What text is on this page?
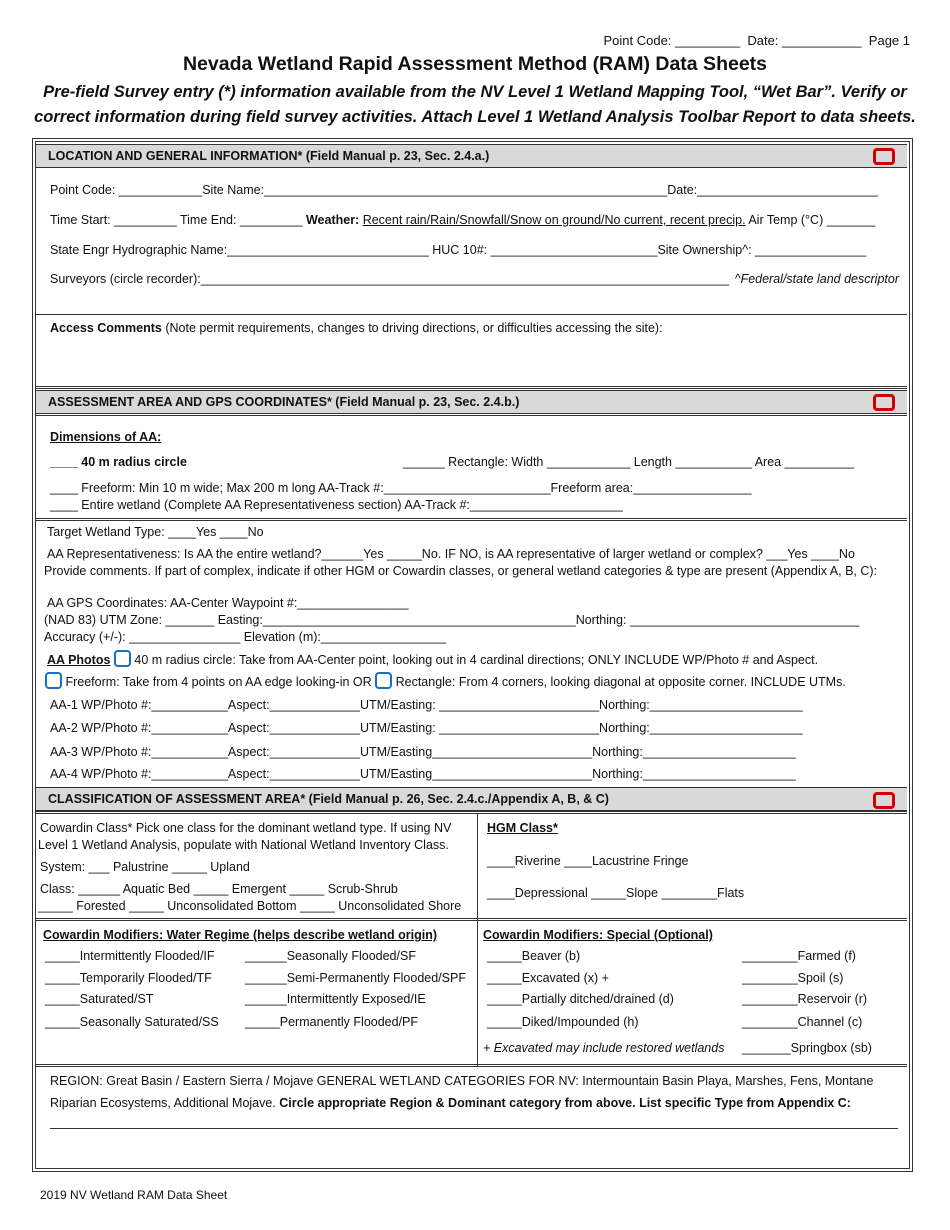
Point Code: _________ Date: ___________ Page 1
Nevada Wetland Rapid Assessment Method (RAM) Data Sheets
Pre-field Survey entry (*) information available from the NV Level 1 Wetland Mapping Tool, “Wet Bar”. Verify or correct information during field survey activities. Attach Level 1 Wetland Analysis Toolbar Report to data sheets.
LOCATION AND GENERAL INFORMATION* (Field Manual p. 23, Sec. 2.4.a.)
Point Code: ____________Site Name:__________________________________________________________Date:__________________________
Time Start: _________ Time End: _________ Weather: Recent rain/Rain/Snowfall/Snow on ground/No current, recent precip. Air Temp (°C) _______
State Engr Hydrographic Name:_____________________________ HUC 10#: ________________________Site Ownership^: ________________
Surveyors (circle recorder):____________________________________________________________________________ ^Federal/state land descriptor
Access Comments (Note permit requirements, changes to driving directions, or difficulties accessing the site):
ASSESSMENT AREA AND GPS COORDINATES* (Field Manual p. 23, Sec. 2.4.b.)
Dimensions of AA:
____ 40 m radius circle	______ Rectangle: Width ____________ Length ___________ Area __________
____ Freeform: Min 10 m wide; Max 200 m long AA-Track #:________________________Freeform area:_________________
____ Entire wetland (Complete AA Representativeness section) AA-Track #:______________________
Target Wetland Type: ____Yes ____No
AA Representativeness: Is AA the entire wetland?______Yes _____No. IF NO, is AA representative of larger wetland or complex? ___Yes ____No
Provide comments. If part of complex, indicate if other HGM or Cowardin classes, or general wetland categories & type are present (Appendix A, B, C):
AA GPS Coordinates: AA-Center Waypoint #:________________
(NAD 83) UTM Zone: _______ Easting:_____________________________________________Northing: _________________________________
Accuracy (+/-): ________________ Elevation (m):__________________
AA Photos  40 m radius circle: Take from AA-Center point, looking out in 4 cardinal directions; ONLY INCLUDE WP/Photo # and Aspect.
Freeform: Take from 4 points on AA edge looking-in OR  Rectangle: From 4 corners, looking diagonal at opposite corner. INCLUDE UTMs.
AA-1 WP/Photo #:___________Aspect:_____________UTM/Easting: _______________________Northing:______________________
AA-2 WP/Photo #:___________Aspect:_____________UTM/Easting: _______________________Northing:______________________
AA-3 WP/Photo #:___________Aspect:_____________UTM/Easting_______________________Northing:______________________
AA-4 WP/Photo #:___________Aspect:_____________UTM/Easting_______________________Northing:______________________
CLASSIFICATION OF ASSESSMENT AREA* (Field Manual p. 26, Sec. 2.4.c./Appendix A, B, & C)
Cowardin Class* Pick one class for the dominant wetland type. If using NV
Level 1 Wetland Analysis, populate with National Wetland Inventory Class.
System: ___ Palustrine _____ Upland
Class: ______ Aquatic Bed _____ Emergent _____ Scrub-Shrub
_____ Forested _____ Unconsolidated Bottom _____ Unconsolidated Shore
HGM Class*
____Riverine ____Lacustrine Fringe
____Depressional _____Slope ________Flats
Cowardin Modifiers: Water Regime (helps describe wetland origin)
_____Intermittently Flooded/IF ______Seasonally Flooded/SF
_____Temporarily Flooded/TF	______Semi-Permanently Flooded/SPF
_____Saturated/ST	______Intermittently Exposed/IE
_____Seasonally Saturated/SS _____Permanently Flooded/PF
Cowardin Modifiers: Special (Optional)
_____Beaver (b)	________Farmed (f)
_____Excavated (x) +	________Spoil (s)
_____Partially ditched/drained (d)	________Reservoir (r)
_____Diked/Impounded (h)	________Channel (c)
+ Excavated may include restored wetlands _______Springbox (sb)
REGION: Great Basin / Eastern Sierra / Mojave GENERAL WETLAND CATEGORIES FOR NV: Intermountain Basin Playa, Marshes, Fens, Montane
Riparian Ecosystems, Additional Mojave. Circle appropriate Region & Dominant category from above. List specific Type from Appendix C:
2019 NV Wetland RAM Data Sheet
